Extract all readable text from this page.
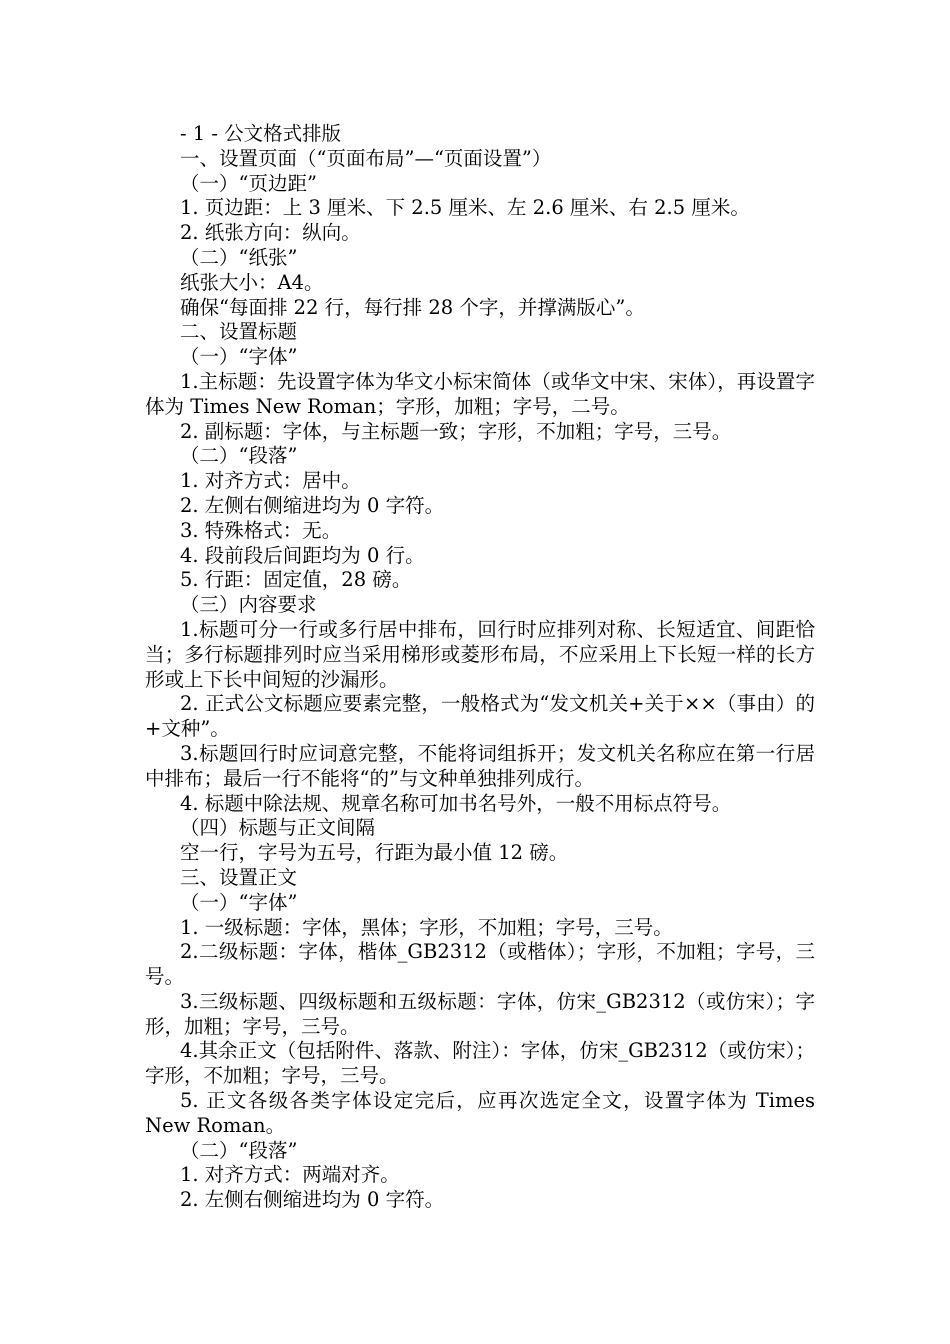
- 1 - 公文格式排版

一、设置页面（“页面布局”—“页面设置”）

（一）“页边距”

1. 页边距：上 3 厘米、下 2.5 厘米、左 2.6 厘米、右 2.5 厘米。

2. 纸张方向：纵向。

（二）“纸张”

纸张大小：A4。

确保“每面排 22 行，每行排 28 个字，并撑满版心”。

二、设置标题

（一）“字体”

1.主标题：先设置字体为华文小标宋简体（或华文中宋、宋体），再设置字体为 Times New Roman；字形，加粗；字号，二号。

2. 副标题：字体，与主标题一致；字形，不加粗；字号，三号。

（二）“段落”

1. 对齐方式：居中。

2. 左侧右侧缩进均为 0 字符。

3. 特殊格式：无。

4. 段前段后间距均为 0 行。

5. 行距：固定值，28 磅。

（三）内容要求

1.标题可分一行或多行居中排布，回行时应排列对称、长短适宜、间距恰当；多行标题排列时应当采用梯形或菱形布局，不应采用上下长短一样的长方形或上下长中间短的沙漏形。

2. 正式公文标题应要素完整，一般格式为“发文机关+关于××（事由）的+文种”。

3.标题回行时应词意完整，不能将词组拆开；发文机关名称应在第一行居中排布；最后一行不能将“的”与文种单独排列成行。

4. 标题中除法规、规章名称可加书名号外，一般不用标点符号。

（四）标题与正文间隔

空一行，字号为五号，行距为最小值 12 磅。

三、设置正文

（一）“字体”

1. 一级标题：字体，黑体；字形，不加粗；字号，三号。

2.二级标题：字体，楷体_GB2312（或楷体）；字形，不加粗；字号，三号。

3.三级标题、四级标题和五级标题：字体，仿宋_GB2312（或仿宋）；字形，加粗；字号，三号。

4.其余正文（包括附件、落款、附注）：字体，仿宋_GB2312（或仿宋）；字形，不加粗；字号，三号。

5. 正文各级各类字体设定完后，应再次选定全文，设置字体为 Times New Roman。

（二）“段落”

1. 对齐方式：两端对齐。

2. 左侧右侧缩进均为 0 字符。
